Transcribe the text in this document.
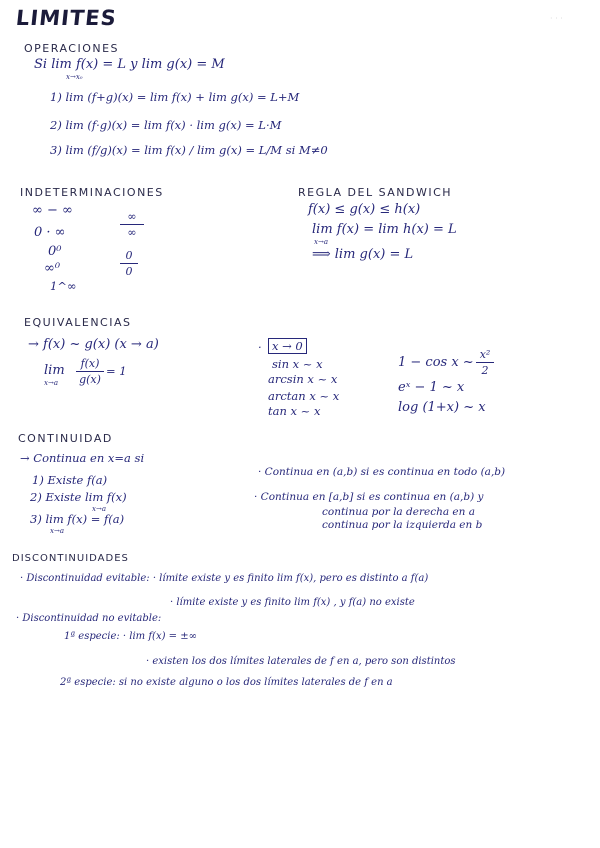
LIMITES	· · ·
OPERACIONES
Si lim f(x) = L y lim g(x) = M
x→x₀
1) lim (f+g)(x) = lim f(x) + lim g(x) = L+M
2) lim (f·g)(x) = lim f(x) · lim g(x) = L·M
3) lim (f/g)(x) = lim f(x) / lim g(x) = L/M si M≠0
INDETERMINACIONES
∞ − ∞
0 · ∞
0⁰
∞⁰
1^∞
∞
∞
0
0
REGLA DEL SANDWICH
f(x) ≤ g(x) ≤ h(x)
lim f(x) = lim h(x) = L
x→a
⟹ lim g(x) = L
EQUIVALENCIAS
→ f(x) ~ g(x) (x → a)
lim
x→a
f(x)
g(x)
= 1
· x → 0
sin x ~ x
arcsin x ~ x
arctan x ~ x
tan x ~ x
1 − cos x ~
x²
2
eˣ − 1 ~ x
log (1+x) ~ x
CONTINUIDAD
→ Continua en x=a si
1) Existe f(a)
2) Existe lim f(x)
x→a
3) lim f(x) = f(a)
x→a
· Continua en (a,b) si es continua en todo (a,b)
· Continua en [a,b] si es continua en (a,b) y
continua por la derecha en a
continua por la izquierda en b
DISCONTINUIDADES
· Discontinuidad evitable: · límite existe y es finito lim f(x), pero es distinto a f(a)
· límite existe y es finito lim f(x) , y f(a) no existe
· Discontinuidad no evitable:
1ª especie: · lim f(x) = ±∞
· existen los dos límites laterales de f en a, pero son distintos
2ª especie: si no existe alguno o los dos límites laterales de f en a
